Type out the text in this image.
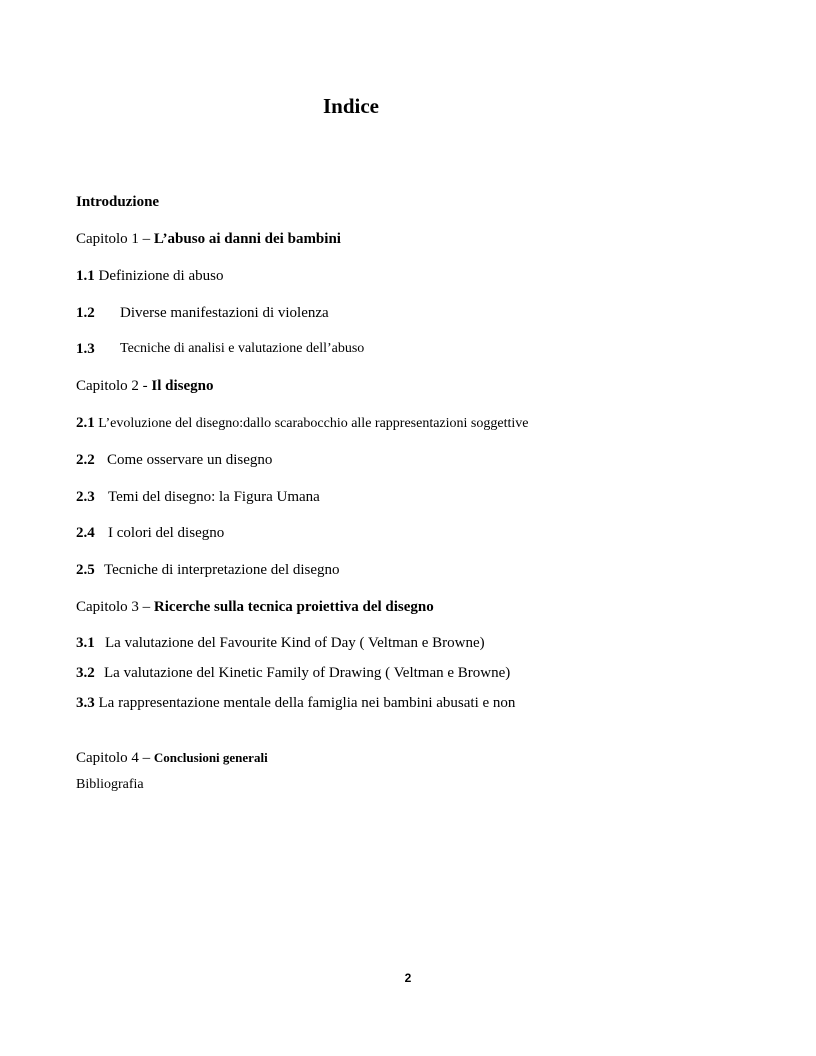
Indice
Introduzione
Capitolo 1 – L’abuso ai danni dei bambini
1.1 Definizione di abuso
1.2 Diverse manifestazioni di violenza
1.3 Tecniche di analisi e valutazione dell’abuso
Capitolo 2 - Il disegno
2.1 L’evoluzione del disegno:dallo scarabocchio alle rappresentazioni soggettive
2.2 Come osservare un disegno
2.3 Temi del disegno: la Figura Umana
2.4 I colori del disegno
2.5 Tecniche di interpretazione del disegno
Capitolo 3 – Ricerche sulla tecnica proiettiva del disegno
3.1 La valutazione del Favourite Kind of Day ( Veltman e Browne)
3.2 La valutazione del Kinetic Family of Drawing ( Veltman e Browne)
3.3 La rappresentazione mentale della famiglia nei bambini abusati e non
Capitolo 4 – Conclusioni generali
Bibliografia
2
